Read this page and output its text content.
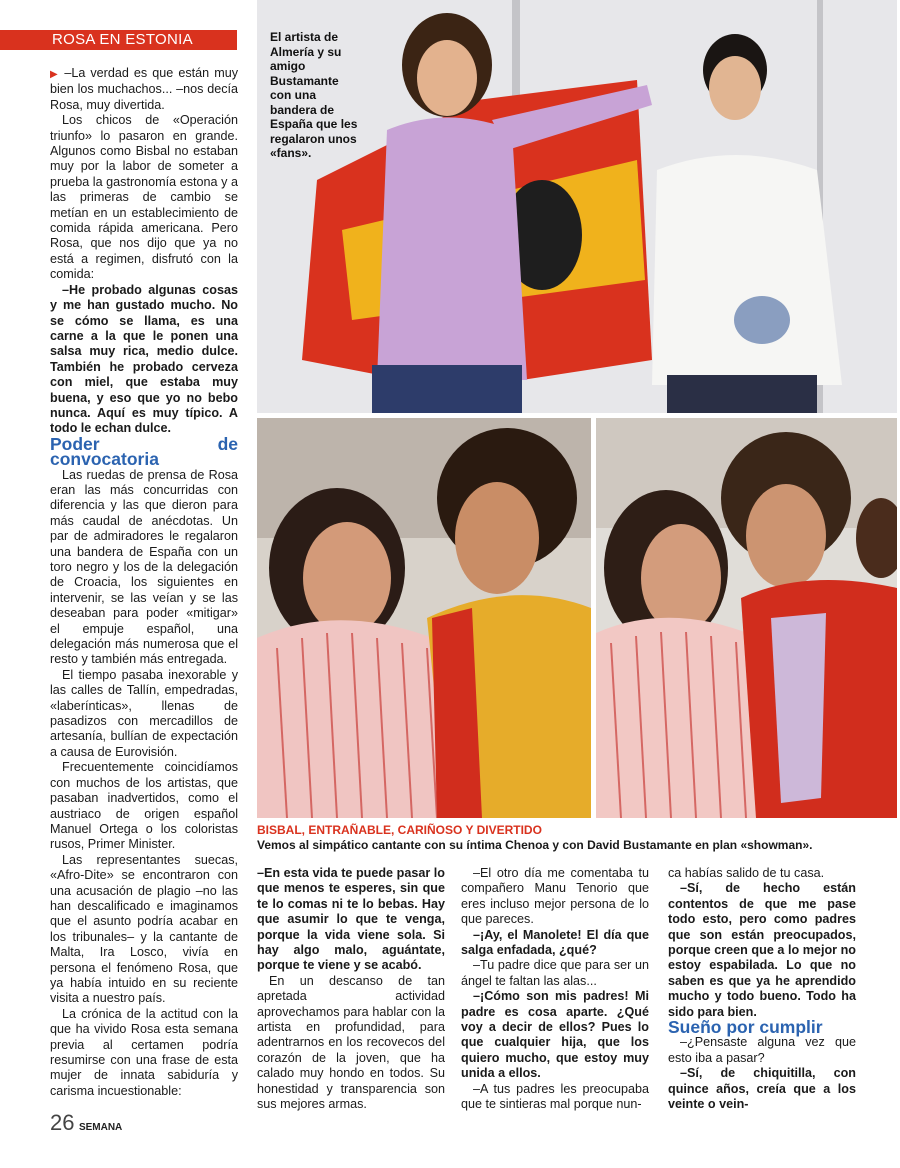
ROSA EN ESTONIA

▶ –La verdad es que están muy bien los muchachos... –nos decía Rosa, muy divertida.

Los chicos de «Operación triunfo» lo pasaron en grande. Algunos como Bisbal no estaban muy por la labor de someter a prueba la gastronomía estona y a las primeras de cambio se metían en un establecimiento de comida rápida americana. Pero Rosa, que nos dijo que ya no está a regimen, disfrutó con la comida:

–He probado algunas cosas y me han gustado mucho. No se cómo se llama, es una carne a la que le ponen una salsa muy rica, medio dulce. También he probado cerveza con miel, que estaba muy buena, y eso que yo no bebo nunca. Aquí es muy típico. A todo le echan dulce.

Poder de convocatoria

Las ruedas de prensa de Rosa eran las más concurridas con diferencia y las que dieron para más caudal de anécdotas. Un par de admiradores le regalaron una bandera de España con un toro negro y los de la delegación de Croacia, los siguientes en intervenir, se las veían y se las deseaban para poder «mitigar» el empuje español, una delegación más numerosa que el resto y también más entregada.

El tiempo pasaba inexorable y las calles de Tallín, empedradas, «laberínticas», llenas de pasadizos con mercadillos de artesanía, bullían de expectación a causa de Eurovisión.

Frecuentemente coincidíamos con muchos de los artistas, que pasaban inadvertidos, como el austriaco de origen español Manuel Ortega o los coloristas rusos, Primer Minister.

Las representantes suecas, «Afro-Dite» se encontraron con una acusación de plagio –no las han descalificado e imaginamos que el asunto podría acabar en los tribunales– y la cantante de Malta, Ira Losco, vivía en persona el fenómeno Rosa, que ya había intuido en su reciente visita a nuestro país.

La crónica de la actitud con la que ha vivido Rosa esta semana previa al certamen podría resumirse con una frase de esta mujer de innata sabiduría y carisma incuestionable:

El artista de Almería y su amigo Bustamante con una bandera de España que les regalaron unos «fans».
BISBAL, ENTRAÑABLE, CARIÑOSO Y DIVERTIDO
Vemos al simpático cantante con su íntima Chenoa y con David Bustamante en plan «showman».

–En esta vida te puede pasar lo que menos te esperes, sin que te lo comas ni te lo bebas. Hay que asumir lo que te venga, porque la vida viene sola. Si hay algo malo, aguántate, porque te viene y se acabó.

En un descanso de tan apretada actividad aprovechamos para hablar con la artista en profundidad, para adentrarnos en los recovecos del corazón de la joven, que ha calado muy hondo en todos. Su honestidad y transparencia son sus mejores armas.

–El otro día me comentaba tu compañero Manu Tenorio que eres incluso mejor persona de lo que pareces.

–¡Ay, el Manolete! El día que salga enfadada, ¿qué?

–Tu padre dice que para ser un ángel te faltan las alas...

–¡Cómo son mis padres! Mi padre es cosa aparte. ¿Qué voy a decir de ellos? Pues lo que cualquier hija, que los quiero mucho, que estoy muy unida a ellos.

–A tus padres les preocupaba que te sintieras mal porque nun-

ca habías salido de tu casa.

–Sí, de hecho están contentos de que me pase todo esto, pero como padres que son están preocupados, porque creen que a lo mejor no estoy espabilada. Lo que no saben es que ya he aprendido mucho y todo bueno. Todo ha sido para bien.

Sueño por cumplir

–¿Pensaste alguna vez que esto iba a pasar?

–Sí, de chiquitilla, con quince años, creía que a los veinte o vein-

26 SEMANA
